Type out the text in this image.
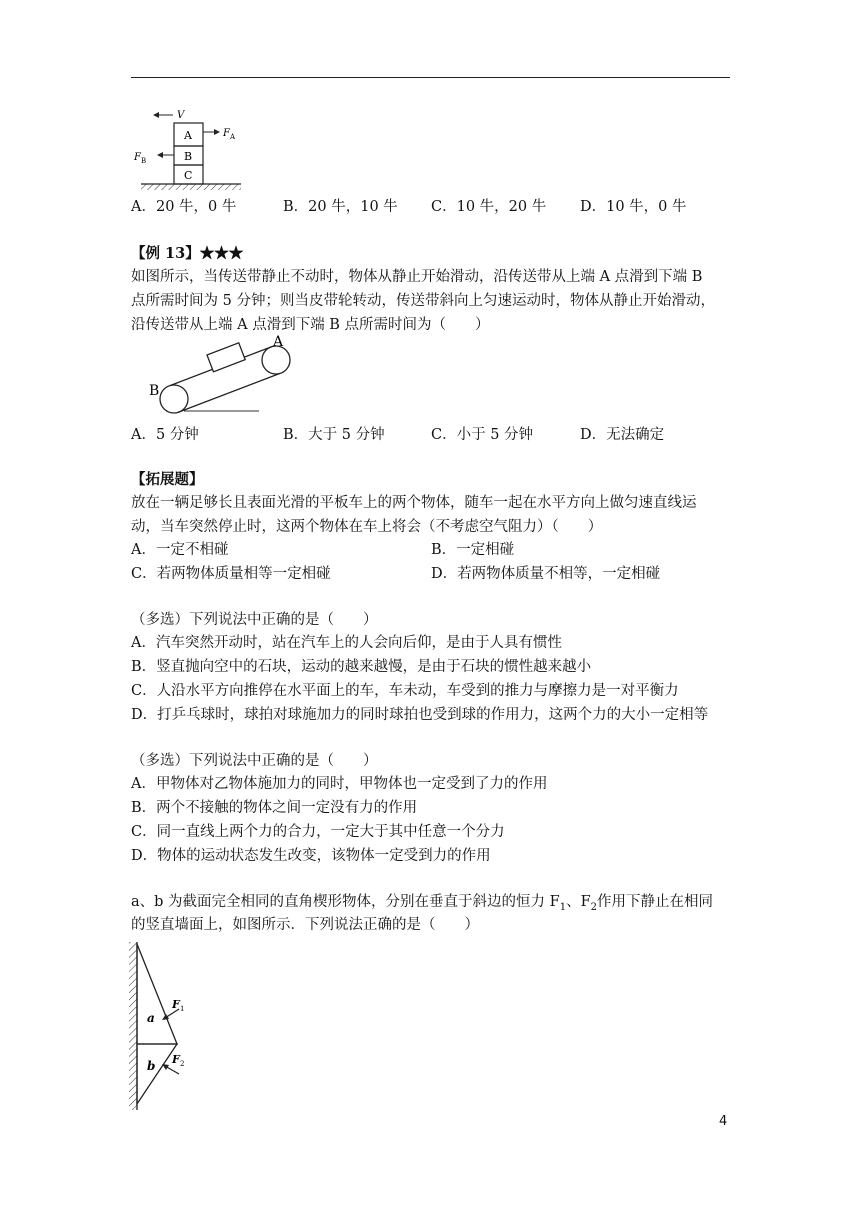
A
B
C
V
F A
F B
A．20 牛，0 牛	B．20 牛，10 牛 C．10 牛，20 牛 D．10 牛，0 牛
【例 13】★★★
如图所示，当传送带静止不动时，物体从静止开始滑动，沿传送带从上端 A 点滑到下端 B
点所需时间为 5 分钟；则当皮带轮转动，传送带斜向上匀速运动时，物体从静止开始滑动，
沿传送带从上端 A 点滑到下端 B 点所需时间为（　　）
A
B
A．5 分钟	B．大于 5 分钟	C．小于 5 分钟	D．无法确定
【拓展题】
放在一辆足够长且表面光滑的平板车上的两个物体，随车一起在水平方向上做匀速直线运
动，当车突然停止时，这两个物体在车上将会（不考虑空气阻力）（　　）
A．一定不相碰	B．一定相碰
C．若两物体质量相等一定相碰	D．若两物体质量不相等，一定相碰
（多选）下列说法中正确的是（　　）
A．汽车突然开动时，站在汽车上的人会向后仰，是由于人具有惯性
B．竖直抛向空中的石块，运动的越来越慢，是由于石块的惯性越来越小
C．人沿水平方向推停在水平面上的车，车未动，车受到的推力与摩擦力是一对平衡力
D．打乒乓球时，球拍对球施加力的同时球拍也受到球的作用力，这两个力的大小一定相等
（多选）下列说法中正确的是（　　）
A．甲物体对乙物体施加力的同时，甲物体也一定受到了力的作用
B．两个不接触的物体之间一定没有力的作用
C．同一直线上两个力的合力，一定大于其中任意一个分力
D．物体的运动状态发生改变，该物体一定受到力的作用
a、b 为截面完全相同的直角楔形物体，分别在垂直于斜边的恒力 $F_1$、$F_2$作用下静止在相同
的竖直墙面上，如图所示．下列说法正确的是（　　）
a
b
F 1
F 2
4
